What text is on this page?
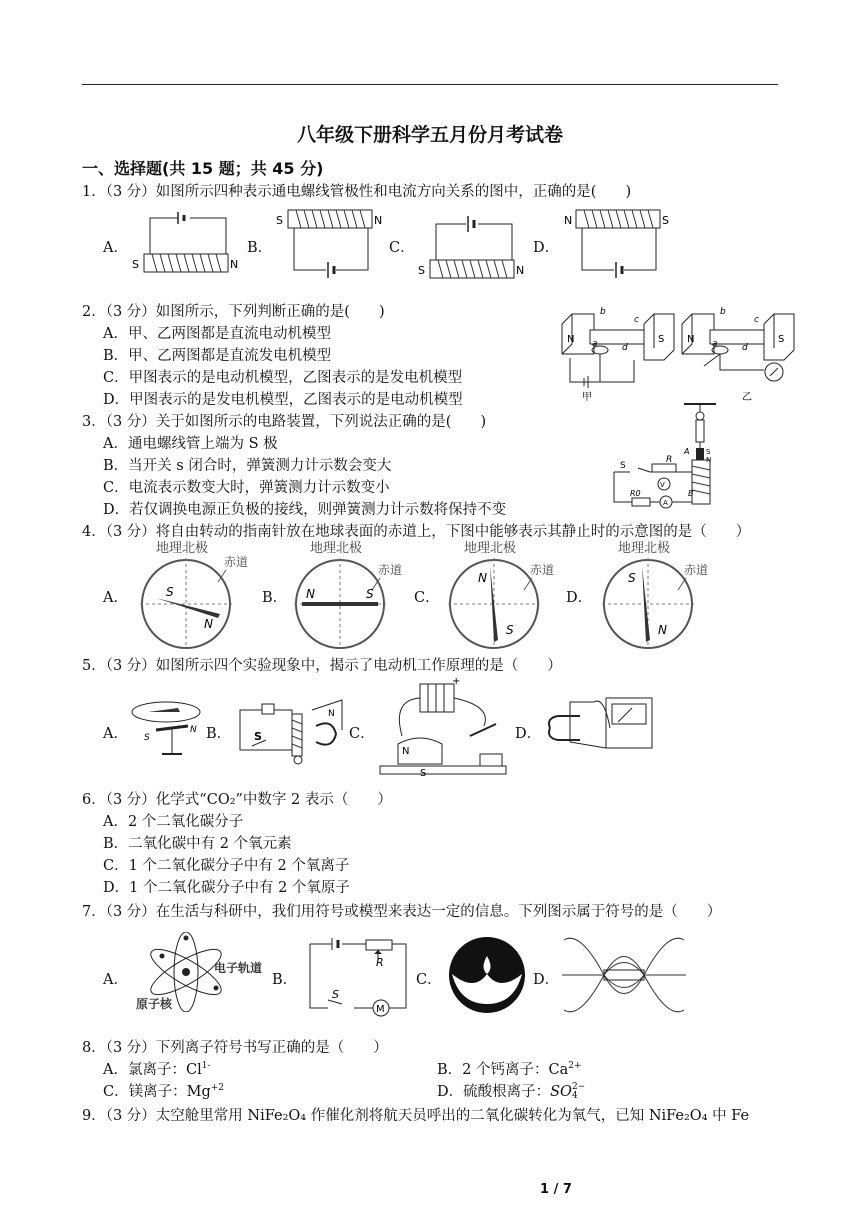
八年级下册科学五月份月考试卷
一、选择题(共 15 题；共 45 分)
1．（3 分）如图所示四种表示通电螺线管极性和电流方向关系的图中，正确的是(　　)
A．	B．	C．	D．
S	N
S	N
S	N
N	S
2．（3 分）如图所示，下列判断正确的是(　　)
A．甲、乙两图都是直流电动机模型
B．甲、乙两图都是直流发电机模型
C．甲图表示的是电动机模型，乙图表示的是发电机模型
D．甲图表示的是发电机模型，乙图表示的是电动机模型
N	S
a
b
c
d
甲
N	S
a
b
c
d
乙
3．（3 分）关于如图所示的电路装置，下列说法正确的是(　　)
A．通电螺线管上端为 S 极
B．当开关 s 闭合时，弹簧测力计示数会变大
C．电流表示数变大时，弹簧测力计示数变小
D．若仅调换电源正负极的接线，则弹簧测力计示数将保持不变
S
R
V
B
R0
A
A S
N
4．（3 分）将自由转动的指南针放在地球表面的赤道上，下图中能够表示其静止时的示意图的是（　　）
A．	B．	C．	D．
地理北极
赤道
S
N
地理北极
赤道
N	S
地理北极
赤道
N
S
地理北极
赤道
S
N
5．（3 分）如图所示四个实验现象中，揭示了电动机工作原理的是（　　）
A．	B．	C．	D．
S
N	S
N
+
N
S
6．（3 分）化学式“CO₂”中数字 2 表示（　　）
A．2 个二氧化碳分子
B．二氧化碳中有 2 个氧元素
C．1 个二氧化碳分子中有 2 个氧离子
D．1 个二氧化碳分子中有 2 个氧原子
7．（3 分）在生活与科研中，我们用符号或模型来表达一定的信息。下列图示属于符号的是（　　）
A．	B．	C．	D．
电子轨道
原子核
R
S
M
8．（3 分）下列离子符号书写正确的是（　　）
A．氯离子：$Cl^{1-}$	B．2 个钙离子：$Ca^{2+}$
C．镁离子：$Mg^{+2}$	D．硫酸根离子：SO 2−
4
9．（3 分）太空舱里常用 NiFe₂O₄ 作催化剂将航天员呼出的二氧化碳转化为氧气，已知 NiFe₂O₄ 中 Fe
1 / 7
